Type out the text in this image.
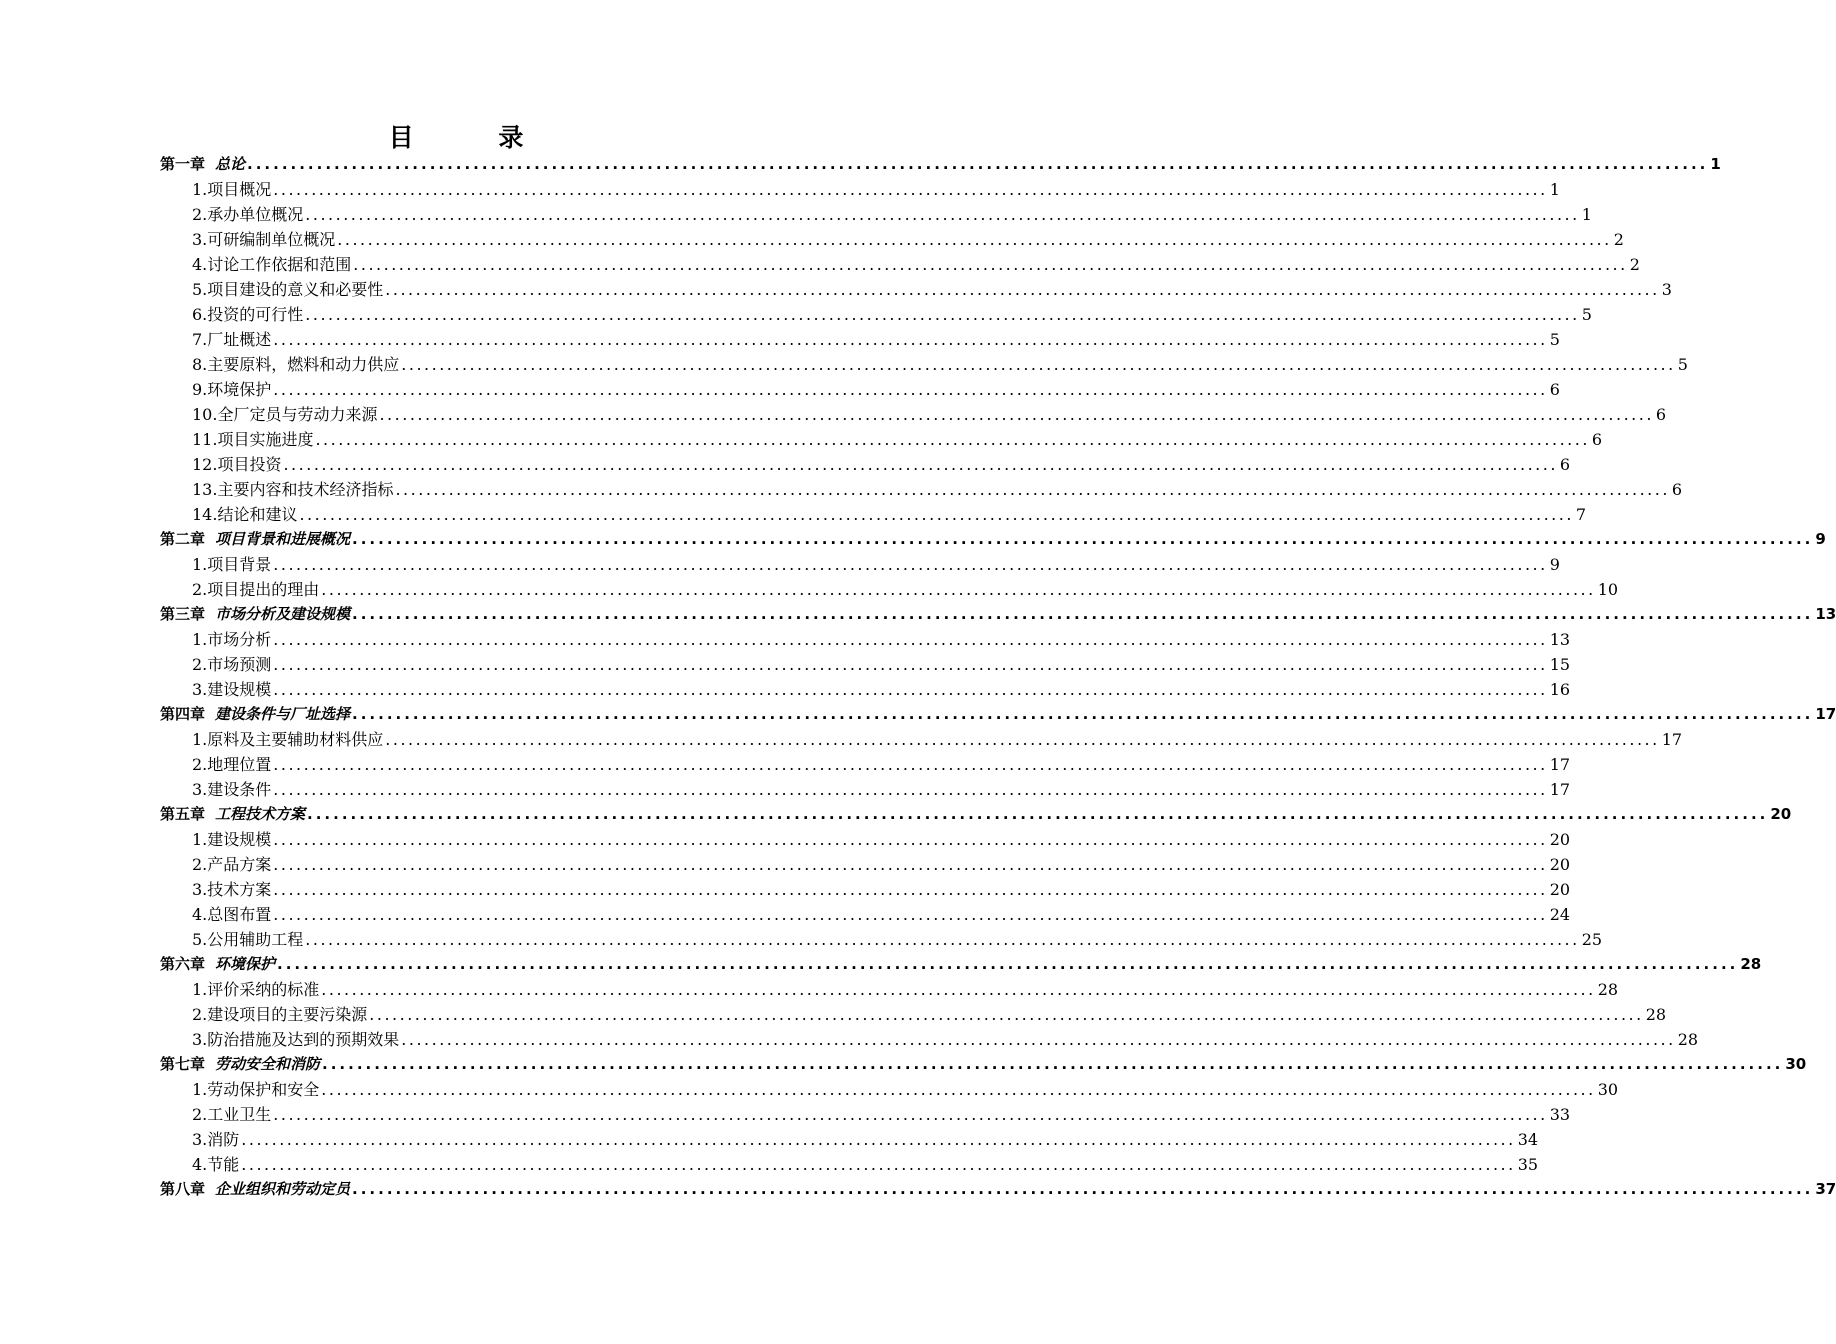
目 录
第一章 总论 ........................................................................................................................................................................ 1
1. 项目概况 ........................................................................................................................................................................ 1
2. 承办单位概况 ........................................................................................................................................................................ 1
3. 可研编制单位概况 ........................................................................................................................................................................ 2
4. 讨论工作依据和范围 ........................................................................................................................................................................ 2
5. 项目建设的意义和必要性 ........................................................................................................................................................................ 3
6. 投资的可行性 ........................................................................................................................................................................ 5
7. 厂址概述 ........................................................................................................................................................................ 5
8. 主要原料，燃料和动力供应 ........................................................................................................................................................................ 5
9. 环境保护 ........................................................................................................................................................................ 6
10. 全厂定员与劳动力来源 ........................................................................................................................................................................ 6
11. 项目实施进度 ........................................................................................................................................................................ 6
12. 项目投资 ........................................................................................................................................................................ 6
13. 主要内容和技术经济指标 ........................................................................................................................................................................ 6
14. 结论和建议 ........................................................................................................................................................................ 7
第二章 项目背景和进展概况 ........................................................................................................................................................................ 9
1. 项目背景 ........................................................................................................................................................................ 9
2. 项目提出的理由 ........................................................................................................................................................................ 10
第三章 市场分析及建设规模 ........................................................................................................................................................................ 13
1. 市场分析 ........................................................................................................................................................................ 13
2. 市场预测 ........................................................................................................................................................................ 15
3. 建设规模 ........................................................................................................................................................................ 16
第四章 建设条件与厂址选择 ........................................................................................................................................................................ 17
1. 原料及主要辅助材料供应 ........................................................................................................................................................................ 17
2. 地理位置 ........................................................................................................................................................................ 17
3. 建设条件 ........................................................................................................................................................................ 17
第五章 工程技术方案 ........................................................................................................................................................................ 20
1. 建设规模 ........................................................................................................................................................................ 20
2. 产品方案 ........................................................................................................................................................................ 20
3. 技术方案 ........................................................................................................................................................................ 20
4. 总图布置 ........................................................................................................................................................................ 24
5. 公用辅助工程 ........................................................................................................................................................................ 25
第六章 环境保护 ........................................................................................................................................................................ 28
1. 评价采纳的标准 ........................................................................................................................................................................ 28
2. 建设项目的主要污染源 ........................................................................................................................................................................ 28
3. 防治措施及达到的预期效果 ........................................................................................................................................................................ 28
第七章 劳动安全和消防 ........................................................................................................................................................................ 30
1. 劳动保护和安全 ........................................................................................................................................................................ 30
2. 工业卫生 ........................................................................................................................................................................ 33
3. 消防 ........................................................................................................................................................................ 34
4. 节能 ........................................................................................................................................................................ 35
第八章 企业组织和劳动定员 ........................................................................................................................................................................ 37
